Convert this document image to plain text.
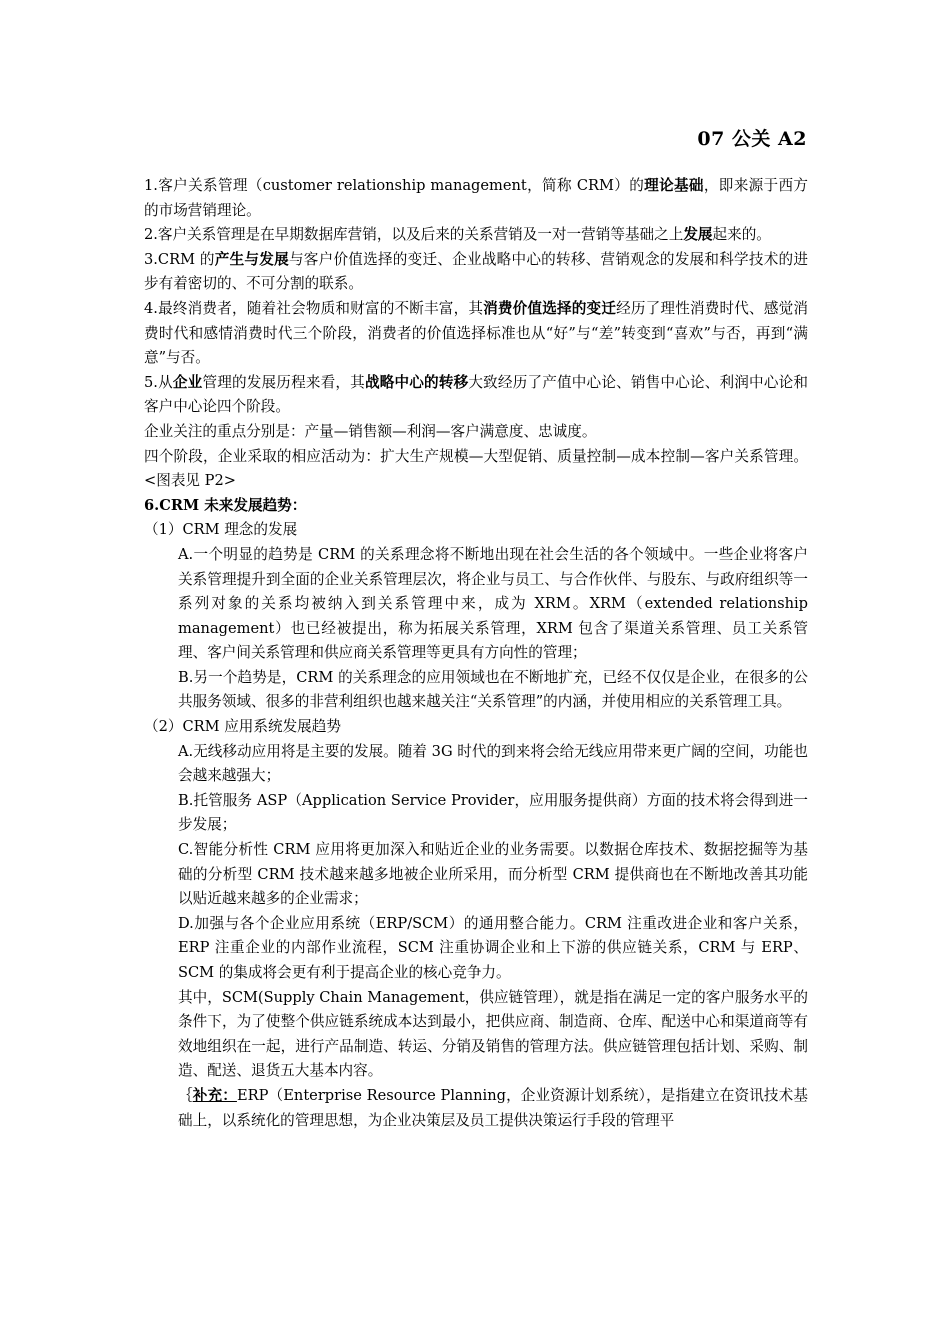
07 公关 A2

1.客户关系管理（customer relationship management，简称 CRM）的理论基础，即来源于西方的市场营销理论。

2.客户关系管理是在早期数据库营销，以及后来的关系营销及一对一营销等基础之上发展起来的。

3.CRM 的产生与发展与客户价值选择的变迁、企业战略中心的转移、营销观念的发展和科学技术的进步有着密切的、不可分割的联系。

4.最终消费者，随着社会物质和财富的不断丰富，其消费价值选择的变迁经历了理性消费时代、感觉消费时代和感情消费时代三个阶段，消费者的价值选择标准也从“好”与“差”转变到“喜欢”与否，再到“满意”与否。

5.从企业管理的发展历程来看，其战略中心的转移大致经历了产值中心论、销售中心论、利润中心论和客户中心论四个阶段。

企业关注的重点分别是：产量—销售额—利润—客户满意度、忠诚度。

四个阶段，企业采取的相应活动为：扩大生产规模—大型促销、质量控制—成本控制—客户关系管理。<图表见 P2>

6.CRM 未来发展趋势：

（1）CRM 理念的发展

A.一个明显的趋势是 CRM 的关系理念将不断地出现在社会生活的各个领域中。一些企业将客户关系管理提升到全面的企业关系管理层次，将企业与员工、与合作伙伴、与股东、与政府组织等一系列对象的关系均被纳入到关系管理中来，成为 XRM。XRM（extended relationship management）也已经被提出，称为拓展关系管理，XRM 包含了渠道关系管理、员工关系管理、客户间关系管理和供应商关系管理等更具有方向性的管理；

B.另一个趋势是，CRM 的关系理念的应用领域也在不断地扩充，已经不仅仅是企业，在很多的公共服务领域、很多的非营利组织也越来越关注“关系管理”的内涵，并使用相应的关系管理工具。

（2）CRM 应用系统发展趋势

A.无线移动应用将是主要的发展。随着 3G 时代的到来将会给无线应用带来更广阔的空间，功能也会越来越强大；

B.托管服务 ASP（Application Service Provider，应用服务提供商）方面的技术将会得到进一步发展；

C.智能分析性 CRM 应用将更加深入和贴近企业的业务需要。以数据仓库技术、数据挖掘等为基础的分析型 CRM 技术越来越多地被企业所采用，而分析型 CRM 提供商也在不断地改善其功能以贴近越来越多的企业需求；

D.加强与各个企业应用系统（ERP/SCM）的通用整合能力。CRM 注重改进企业和客户关系，ERP 注重企业的内部作业流程，SCM 注重协调企业和上下游的供应链关系，CRM 与 ERP、SCM 的集成将会更有利于提高企业的核心竞争力。

其中，SCM(Supply Chain Management，供应链管理），就是指在满足一定的客户服务水平的条件下，为了使整个供应链系统成本达到最小，把供应商、制造商、仓库、配送中心和渠道商等有效地组织在一起，进行产品制造、转运、分销及销售的管理方法。供应链管理包括计划、采购、制造、配送、退货五大基本内容。

｛补充：ERP（Enterprise Resource Planning，企业资源计划系统），是指建立在资讯技术基础上，以系统化的管理思想，为企业决策层及员工提供决策运行手段的管理平
